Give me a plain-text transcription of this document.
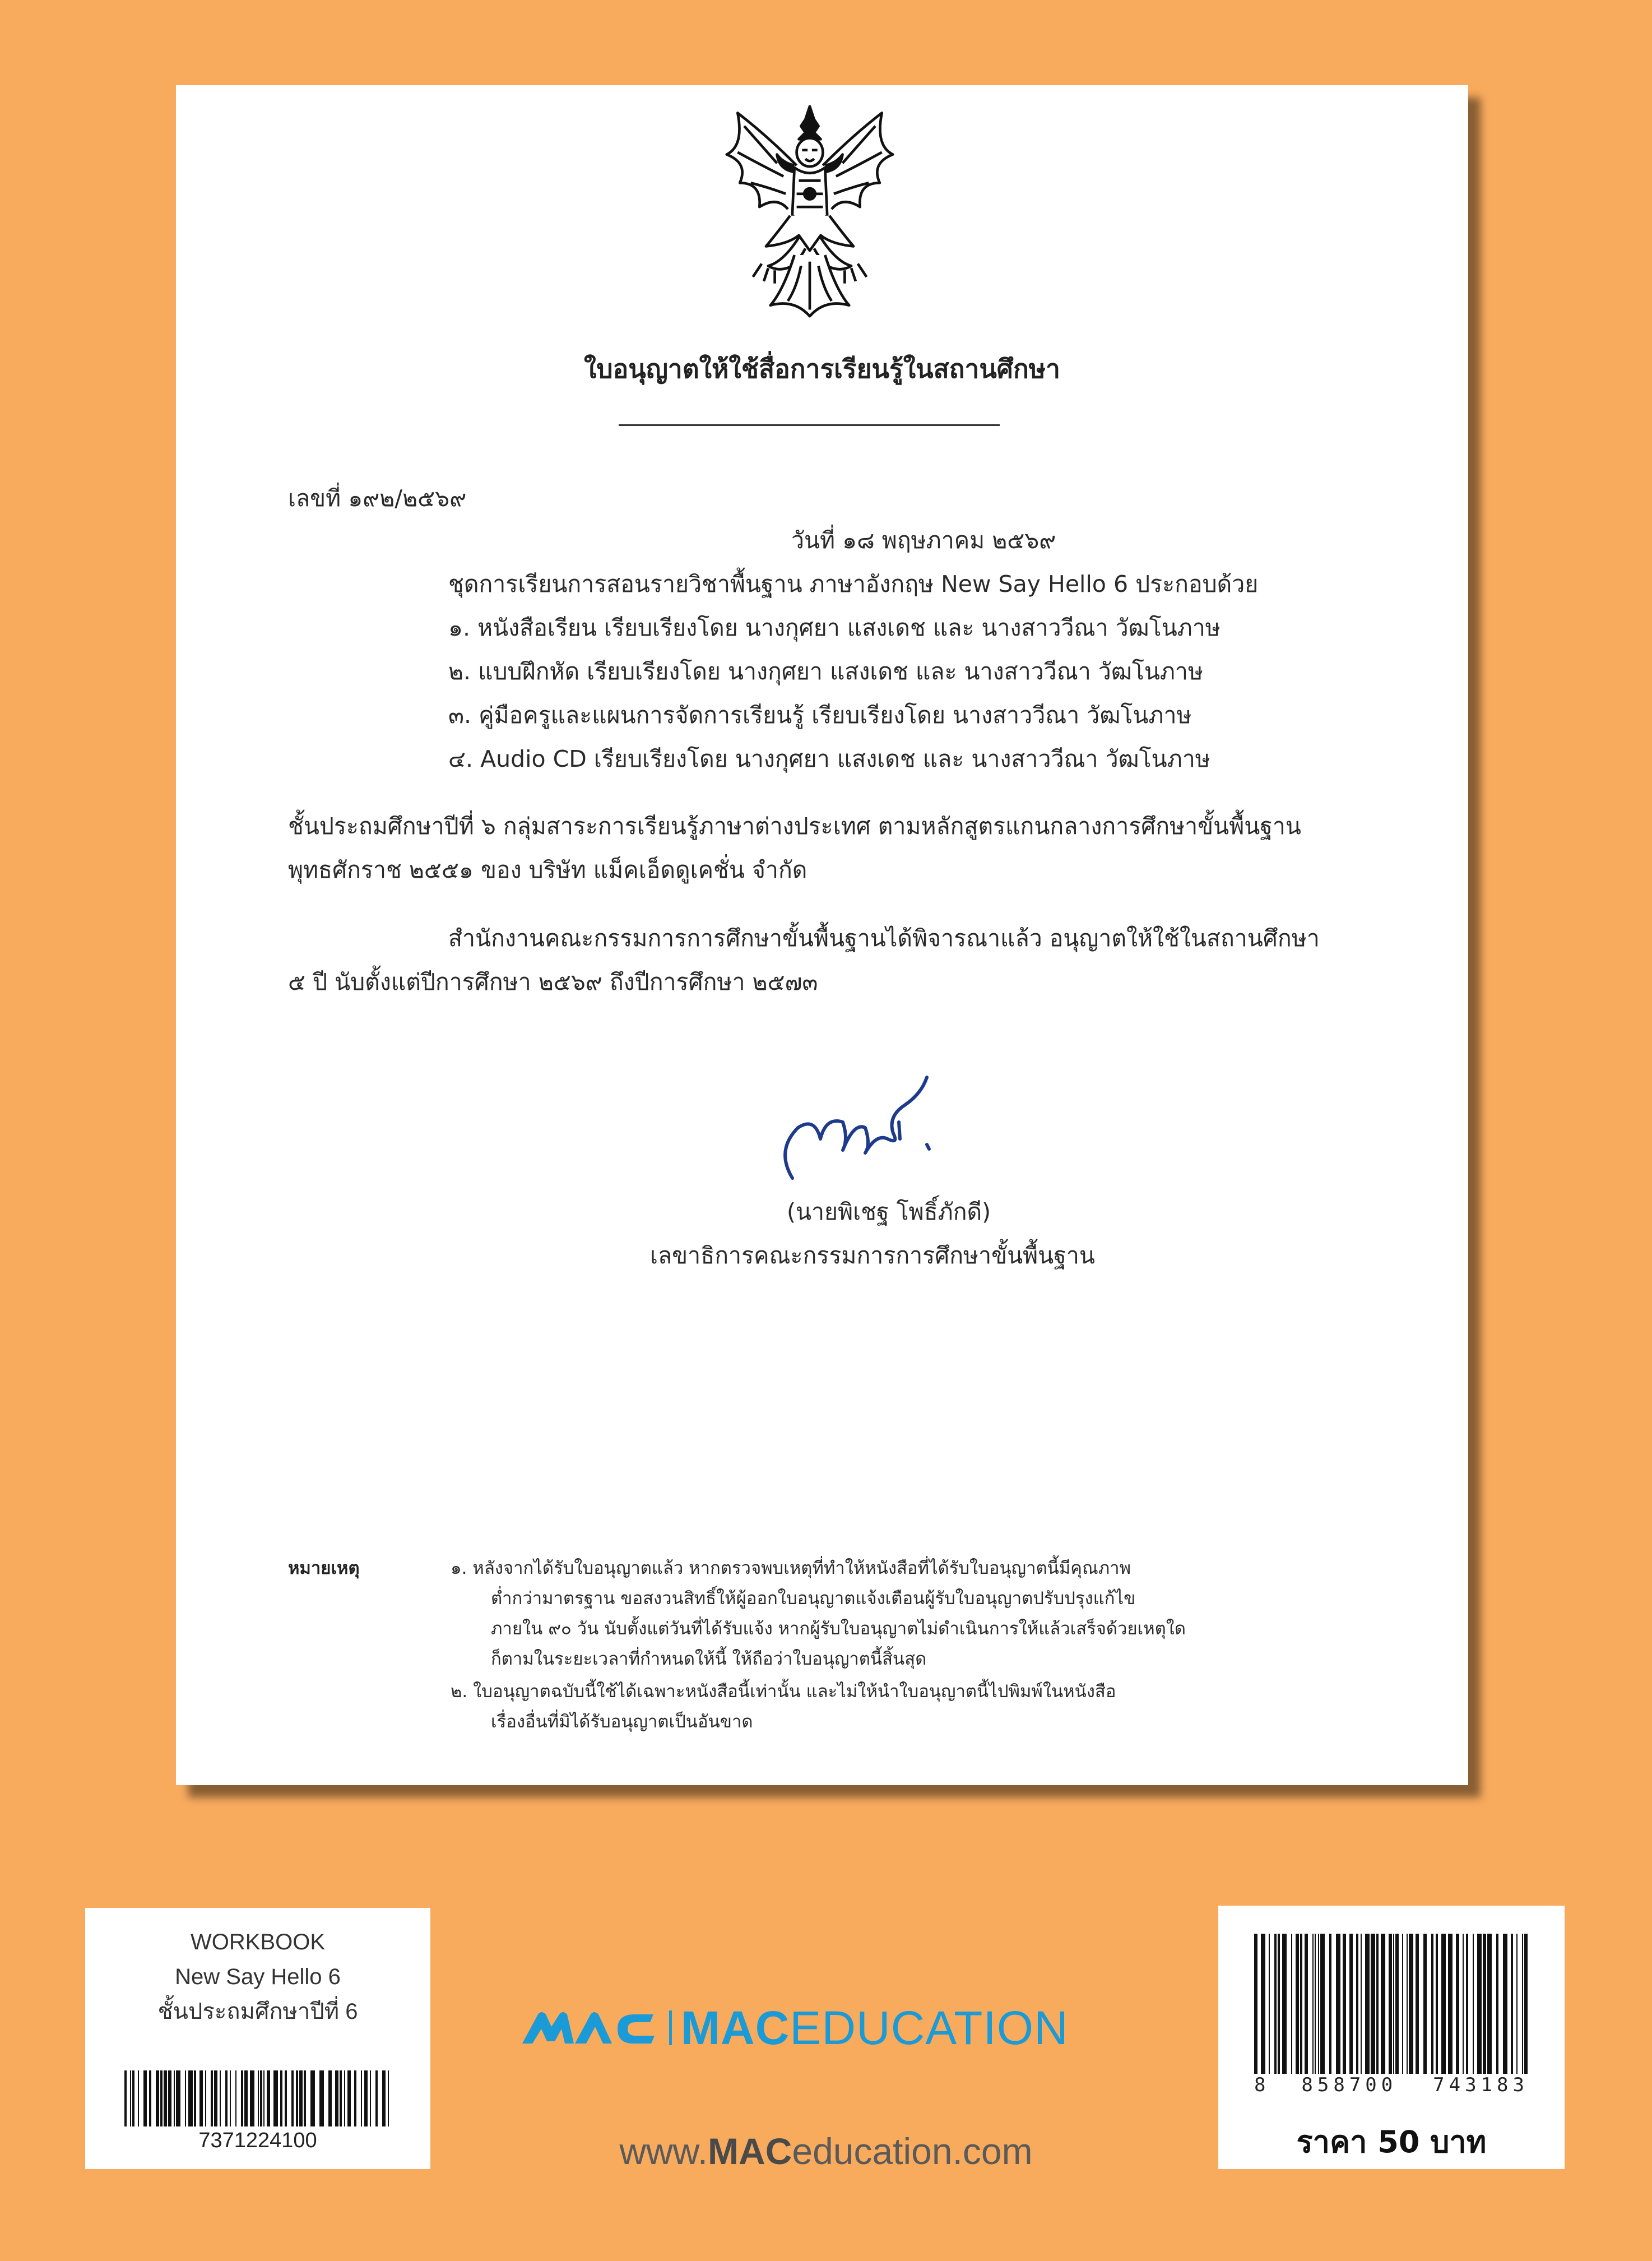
ใบอนุญาตให้ใช้สื่อการเรียนรู้ในสถานศึกษา
เลขที่ ๑๙๒/๒๕๖๙
วันที่ ๑๘ พฤษภาคม ๒๕๖๙
ชุดการเรียนการสอนรายวิชาพื้นฐาน ภาษาอังกฤษ New Say Hello 6 ประกอบด้วย
๑. หนังสือเรียน เรียบเรียงโดย นางกุศยา แสงเดช และ นางสาววีณา วัฒโนภาษ
๒. แบบฝึกหัด เรียบเรียงโดย นางกุศยา แสงเดช และ นางสาววีณา วัฒโนภาษ
๓. คู่มือครูและแผนการจัดการเรียนรู้ เรียบเรียงโดย นางสาววีณา วัฒโนภาษ
๔. Audio CD เรียบเรียงโดย นางกุศยา แสงเดช และ นางสาววีณา วัฒโนภาษ
ชั้นประถมศึกษาปีที่ ๖ กลุ่มสาระการเรียนรู้ภาษาต่างประเทศ ตามหลักสูตรแกนกลางการศึกษาขั้นพื้นฐาน
พุทธศักราช ๒๕๕๑ ของ บริษัท แม็คเอ็ดดูเคชั่น จำกัด
สำนักงานคณะกรรมการการศึกษาขั้นพื้นฐานได้พิจารณาแล้ว อนุญาตให้ใช้ในสถานศึกษา
๕ ปี นับตั้งแต่ปีการศึกษา ๒๕๖๙ ถึงปีการศึกษา ๒๕๗๓
(นายพิเชฐ โพธิ์ภักดี)
เลขาธิการคณะกรรมการการศึกษาขั้นพื้นฐาน
หมายเหตุ	๑. หลังจากได้รับใบอนุญาตแล้ว หากตรวจพบเหตุที่ทำให้หนังสือที่ได้รับใบอนุญาตนี้มีคุณภาพ
ต่ำกว่ามาตรฐาน ขอสงวนสิทธิ์ให้ผู้ออกใบอนุญาตแจ้งเตือนผู้รับใบอนุญาตปรับปรุงแก้ไข
ภายใน ๙๐ วัน นับตั้งแต่วันที่ได้รับแจ้ง หากผู้รับใบอนุญาตไม่ดำเนินการให้แล้วเสร็จด้วยเหตุใด
ก็ตามในระยะเวลาที่กำหนดให้นี้ ให้ถือว่าใบอนุญาตนี้สิ้นสุด
๒. ใบอนุญาตฉบับนี้ใช้ได้เฉพาะหนังสือนี้เท่านั้น และไม่ให้นำใบอนุญาตนี้ไปพิมพ์ในหนังสือ
เรื่องอื่นที่มิได้รับอนุญาตเป็นอันขาด
WORKBOOK
New Say Hello 6
ชั้นประถมศึกษาปีที่ 6
7371224100
MACEDUCATION
www.MACeducation.com
8 858700 743183
ราคา 50 บาท
